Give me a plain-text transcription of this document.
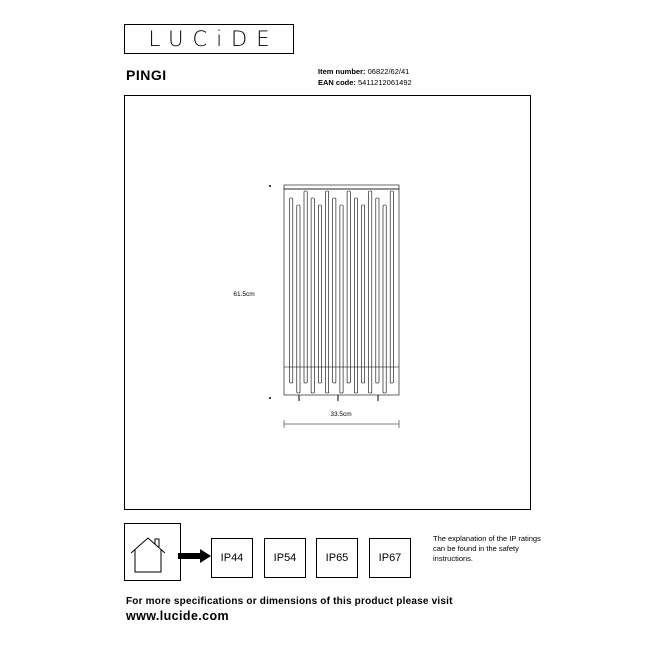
LUCiDE
PINGI	Item number: 06822/62/41
EAN code: 5411212061492
61.5cm
33.5cm
IP44	IP54	IP65	IP67
The explanation of the IP ratings can be found in the safety instructions.
For more specifications or dimensions of this product please visit
www.lucide.com
